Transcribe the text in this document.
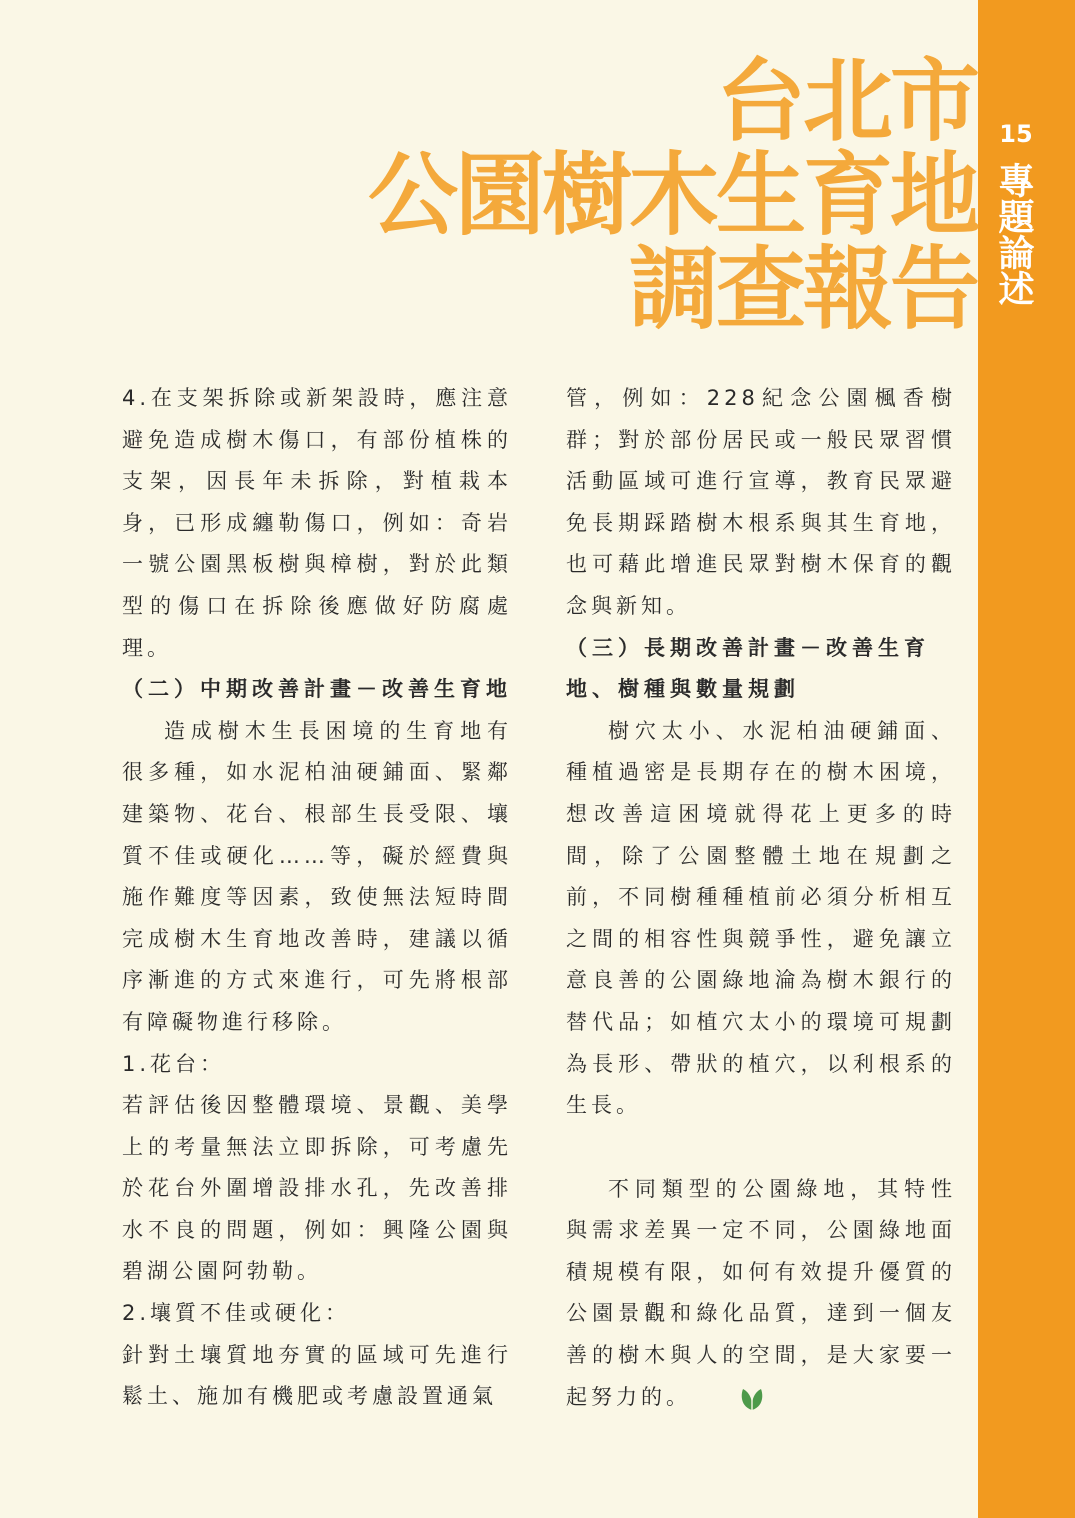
15
專題論述
台北市
公園樹木生育地
調查報告

4.在支架拆除或新架設時，應注意避免造成樹木傷口，有部份植株的支架，因長年未拆除，對植栽本身，已形成纏勒傷口，例如：奇岩一號公園黑板樹與樟樹，對於此類型的傷口在拆除後應做好防腐處理。

（二）中期改善計畫－改善生育地

造成樹木生長困境的生育地有很多種，如水泥柏油硬鋪面、緊鄰建築物、花台、根部生長受限、壤質不佳或硬化……等，礙於經費與施作難度等因素，致使無法短時間完成樹木生育地改善時，建議以循序漸進的方式來進行，可先將根部有障礙物進行移除。

1.花台：

若評估後因整體環境、景觀、美學上的考量無法立即拆除，可考慮先於花台外圍增設排水孔，先改善排水不良的問題，例如：興隆公園與碧湖公園阿勃勒。

2.壤質不佳或硬化：

針對土壤質地夯實的區域可先進行鬆土、施加有機肥或考慮設置通氣

管，例如：228紀念公園楓香樹群；對於部份居民或一般民眾習慣活動區域可進行宣導，教育民眾避免長期踩踏樹木根系與其生育地，也可藉此增進民眾對樹木保育的觀念與新知。

（三）長期改善計畫－改善生育地、樹種與數量規劃

樹穴太小、水泥柏油硬鋪面、種植過密是長期存在的樹木困境，想改善這困境就得花上更多的時間，除了公園整體土地在規劃之前，不同樹種種植前必須分析相互之間的相容性與競爭性，避免讓立意良善的公園綠地淪為樹木銀行的替代品；如植穴太小的環境可規劃為長形、帶狀的植穴，以利根系的生長。

不同類型的公園綠地，其特性與需求差異一定不同，公園綠地面積規模有限，如何有效提升優質的公園景觀和綠化品質，達到一個友善的樹木與人的空間，是大家要一起努力的。
